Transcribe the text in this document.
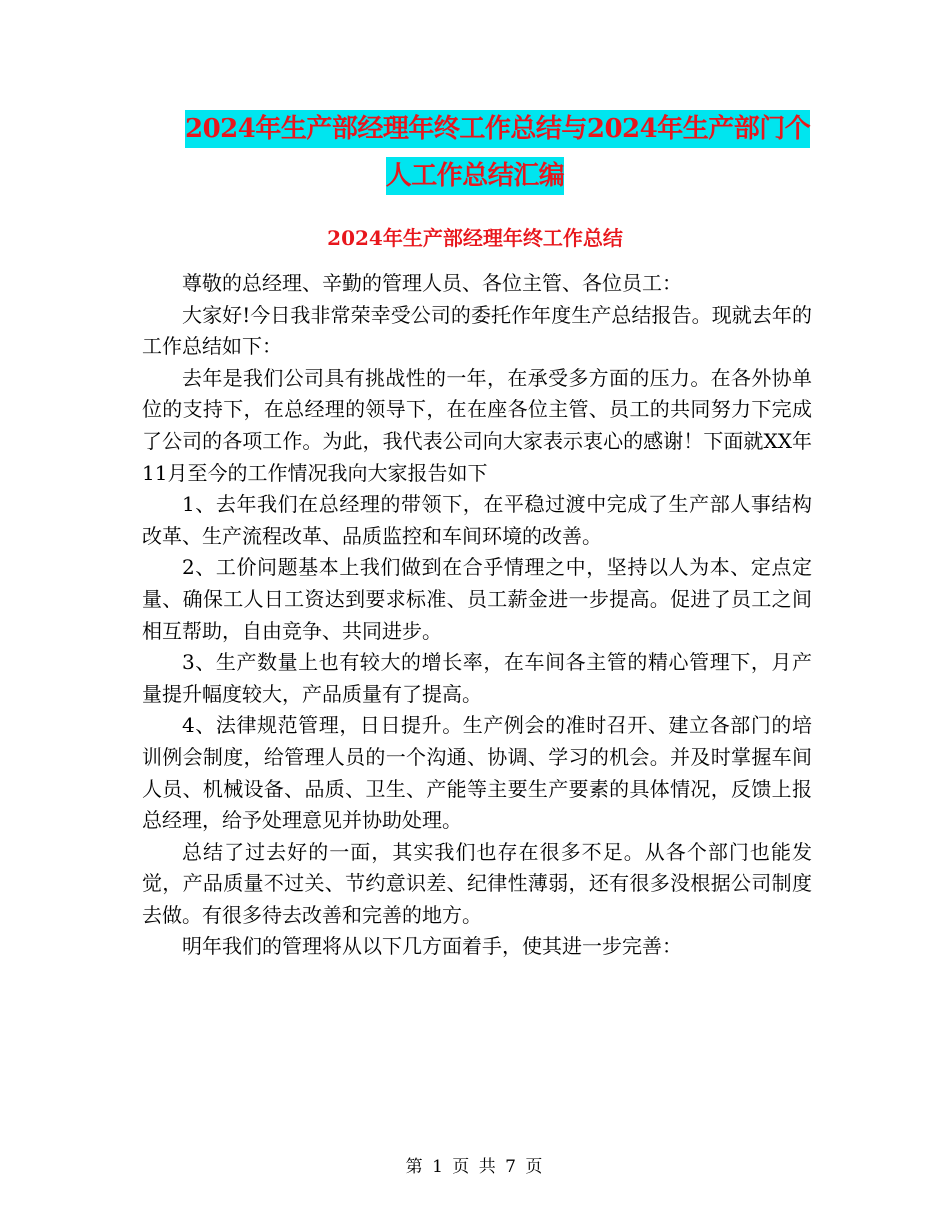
2024年生产部经理年终工作总结与2024年生产部门个
人工作总结汇编
2024年生产部经理年终工作总结

尊敬的总经理、辛勤的管理人员、各位主管、各位员工：

大家好!今日我非常荣幸受公司的委托作年度生产总结报告。现就去年的工作总结如下：

去年是我们公司具有挑战性的一年，在承受多方面的压力。在各外协单位的支持下，在总经理的领导下，在在座各位主管、员工的共同努力下完成了公司的各项工作。为此，我代表公司向大家表示衷心的感谢！下面就XX年11月至今的工作情况我向大家报告如下

1、去年我们在总经理的带领下，在平稳过渡中完成了生产部人事结构改革、生产流程改革、品质监控和车间环境的改善。

2、工价问题基本上我们做到在合乎情理之中，坚持以人为本、定点定量、确保工人日工资达到要求标准、员工薪金进一步提高。促进了员工之间相互帮助，自由竞争、共同进步。

3、生产数量上也有较大的增长率，在车间各主管的精心管理下，月产量提升幅度较大，产品质量有了提高。

4、法律规范管理，日日提升。生产例会的准时召开、建立各部门的培训例会制度，给管理人员的一个沟通、协调、学习的机会。并及时掌握车间人员、机械设备、品质、卫生、产能等主要生产要素的具体情况，反馈上报总经理，给予处理意见并协助处理。

总结了过去好的一面，其实我们也存在很多不足。从各个部门也能发觉，产品质量不过关、节约意识差、纪律性薄弱，还有很多没根据公司制度去做。有很多待去改善和完善的地方。

明年我们的管理将从以下几方面着手，使其进一步完善：

第 1 页 共 7 页
